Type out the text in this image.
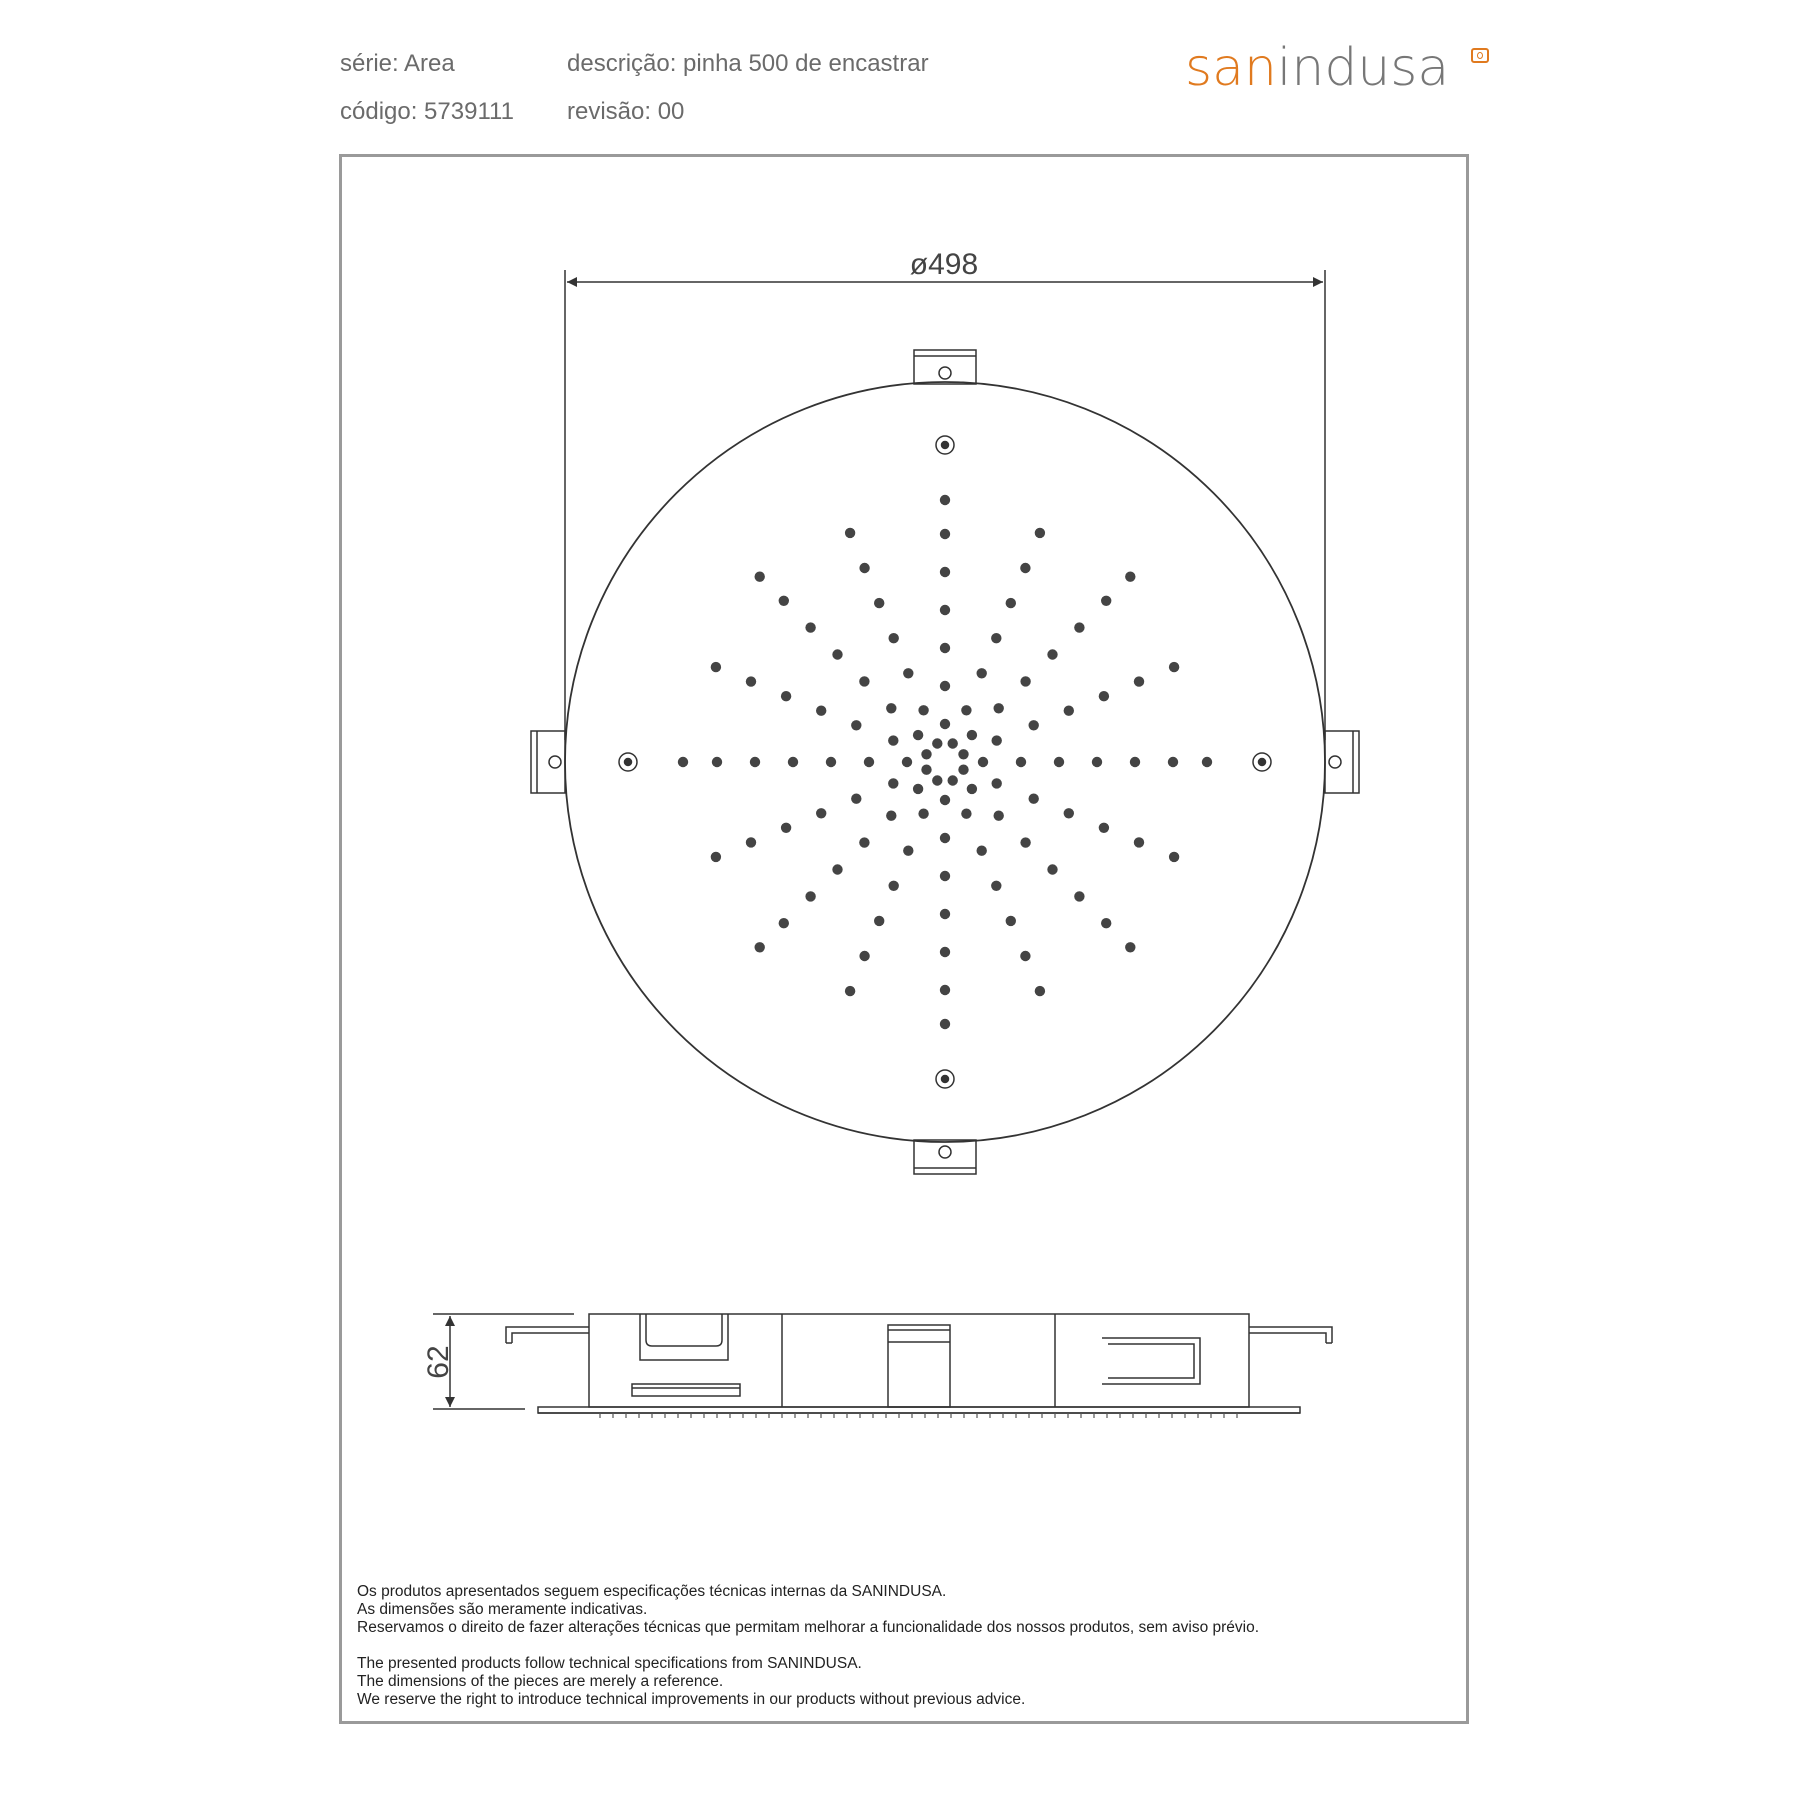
série: Area	descrição: pinha 500 de encastrar
código: 5739111 revisão: 00
sanindusa
ø498
62
Os produtos apresentados seguem especificações técnicas internas da SANINDUSA.
As dimensões são meramente indicativas.
Reservamos o direito de fazer alterações técnicas que permitam melhorar a funcionalidade dos nossos produtos, sem aviso prévio.
The presented products follow technical specifications from SANINDUSA.
The dimensions of the pieces are merely a reference.
We reserve the right to introduce technical improvements in our products without previous advice.
